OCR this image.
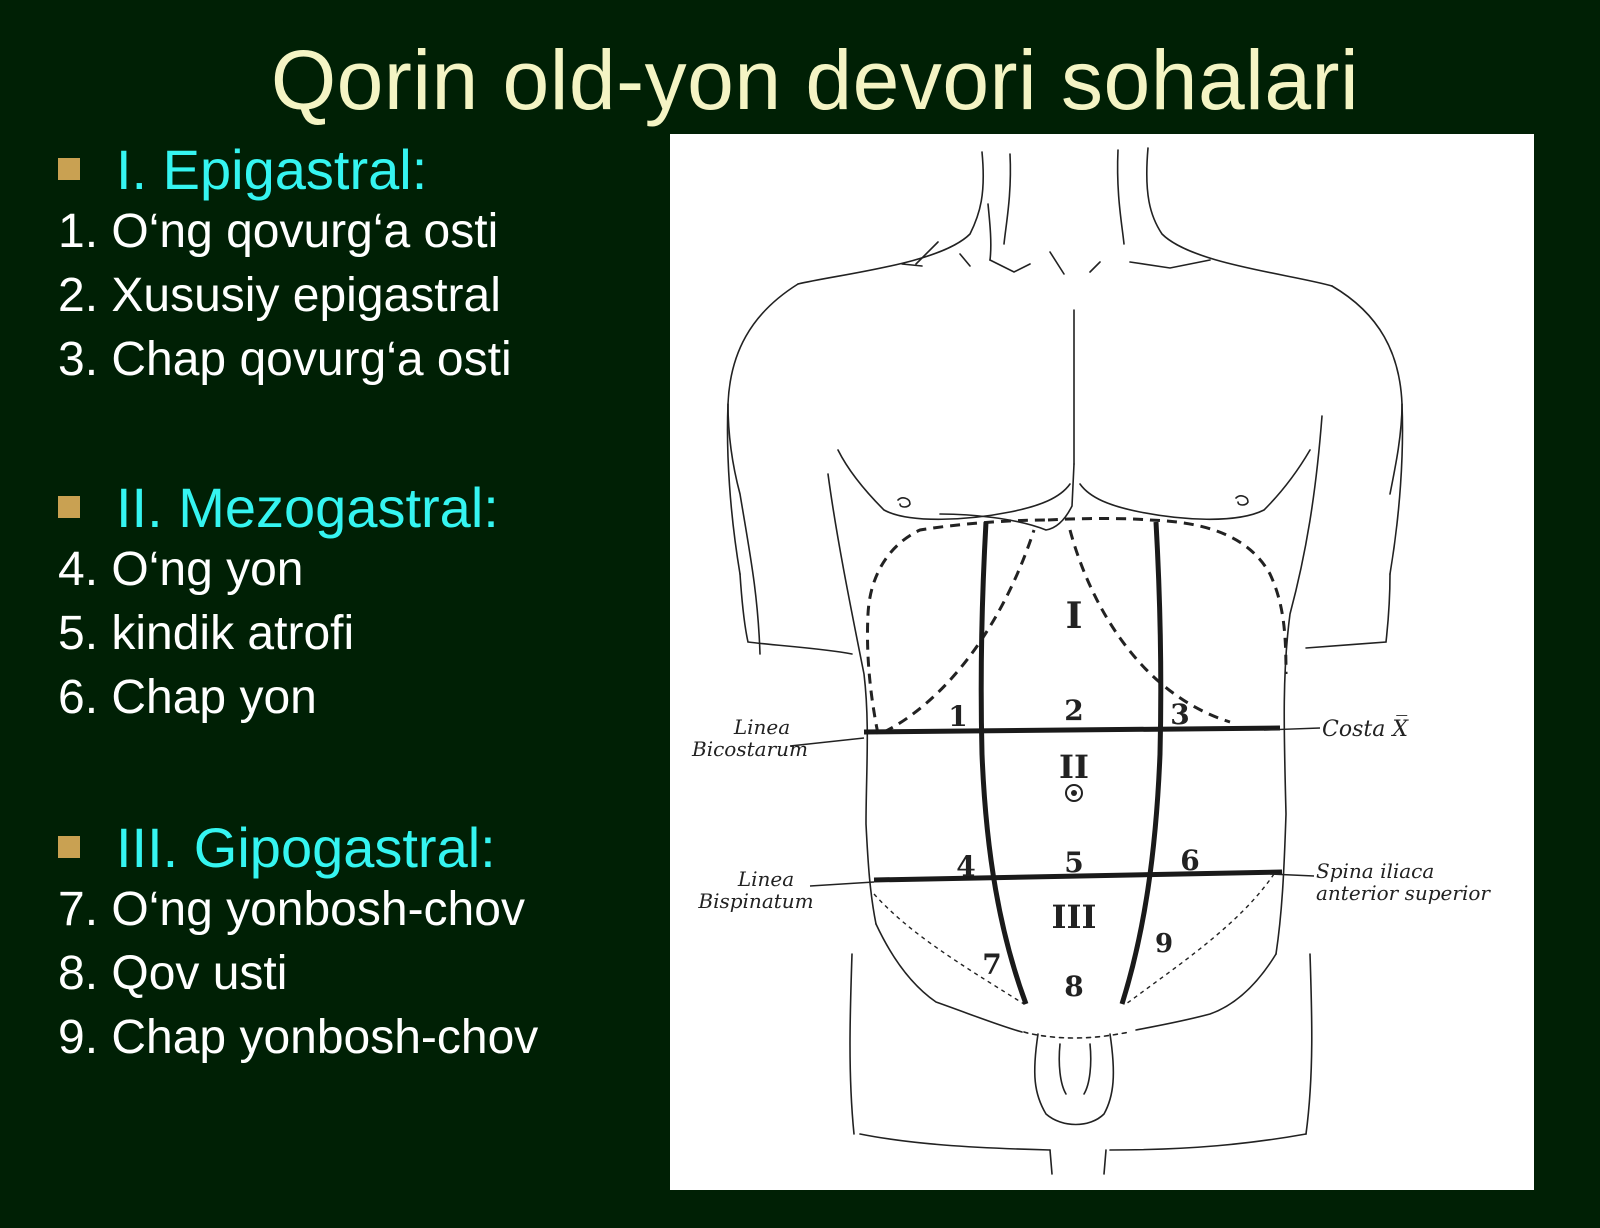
Qorin old-yon devori sohalari
I. Epigastral:
1. O‘ng qovurg‘a osti
2. Xususiy epigastral
3. Chap qovurg‘a osti
II. Mezogastral:
4. O‘ng yon
5. kindik atrofi
6. Chap yon
III. Gipogastral:
7. O‘ng yonbosh-chov
8. Qov usti
9. Chap yonbosh-chov
I
II
III
1	2	3
4	5	6
7
8
9
Linea
Bicostarum
Linea
Bispinatum
Costa X̅
Spina iliaca
anterior superior
